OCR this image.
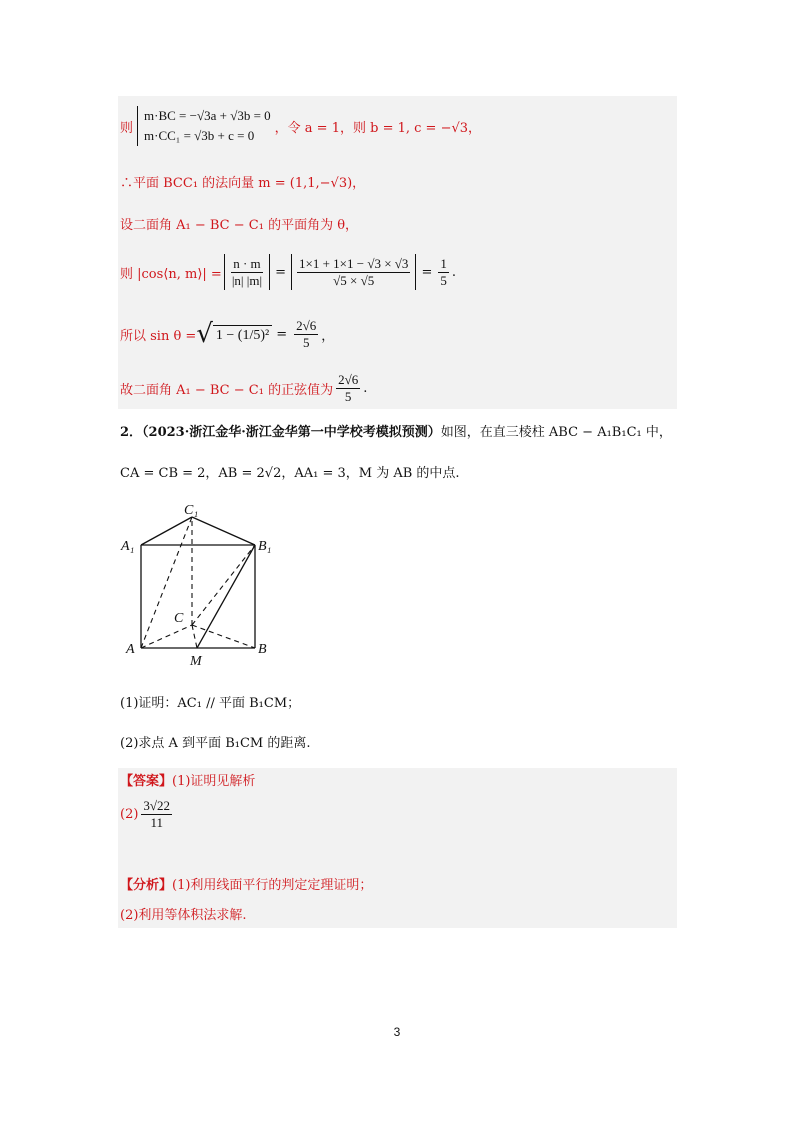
则
m·BC = −√3a + √3b = 0
m·CC₁ = √3b + c = 0	，令 a = 1，则 b = 1, c = −√3，
∴平面 BCC₁ 的法向量 m = (1,1,−√3)，
设二面角 A₁ − BC − C₁ 的平面角为 θ，
则 |cos⟨n, m⟩| = $\frac{n \cdot m}{|n| |m|} = \frac{1\times 1 + 1\times 1 - √3 \times √3}{√5 \times √5} = \frac{1}{5}$ .
所以 sin θ = √ $1 - (1/5)^2 = \frac{2√6}{5}$ ，
故二面角 A₁ − BC − C₁ 的正弦值为 $\frac{2√6}{5}$ .
2．（2023·浙江金华·浙江金华第一中学校考模拟预测）如图，在直三棱柱 ABC − A₁B₁C₁ 中，
CA = CB = 2，AB = 2√2，AA₁ = 3，M 为 AB 的中点.
C₁
A₁	B₁
C
A	B
M
(1)证明：AC₁ // 平面 B₁CM；
(2)求点 A 到平面 B₁CM 的距离.
【答案】(1)证明见解析
$(2) \frac{3√22}{11}$
【分析】(1)利用线面平行的判定定理证明；
(2)利用等体积法求解.
3
